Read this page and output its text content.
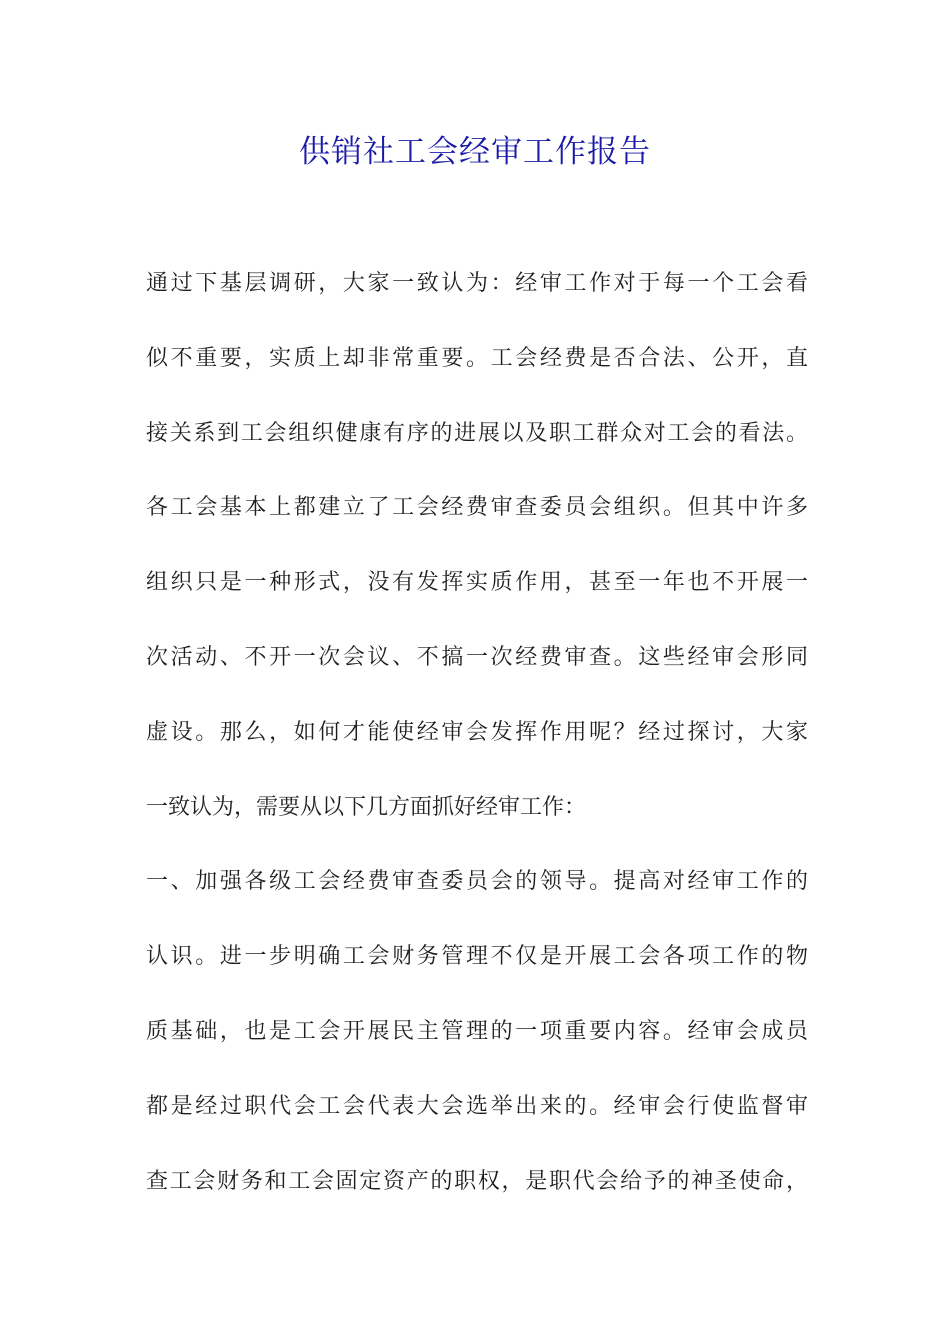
供销社工会经审工作报告
通过下基层调研，大家一致认为：经审工作对于每一个工会看
似不重要，实质上却非常重要。工会经费是否合法、公开，直
接关系到工会组织健康有序的进展以及职工群众对工会的看法。
各工会基本上都建立了工会经费审查委员会组织。但其中许多
组织只是一种形式，没有发挥实质作用，甚至一年也不开展一
次活动、不开一次会议、不搞一次经费审查。这些经审会形同
虚设。那么，如何才能使经审会发挥作用呢？经过探讨，大家
一致认为，需要从以下几方面抓好经审工作：
一、加强各级工会经费审查委员会的领导。提高对经审工作的
认识。进一步明确工会财务管理不仅是开展工会各项工作的物
质基础，也是工会开展民主管理的一项重要内容。经审会成员
都是经过职代会工会代表大会选举出来的。经审会行使监督审
查工会财务和工会固定资产的职权，是职代会给予的神圣使命，
